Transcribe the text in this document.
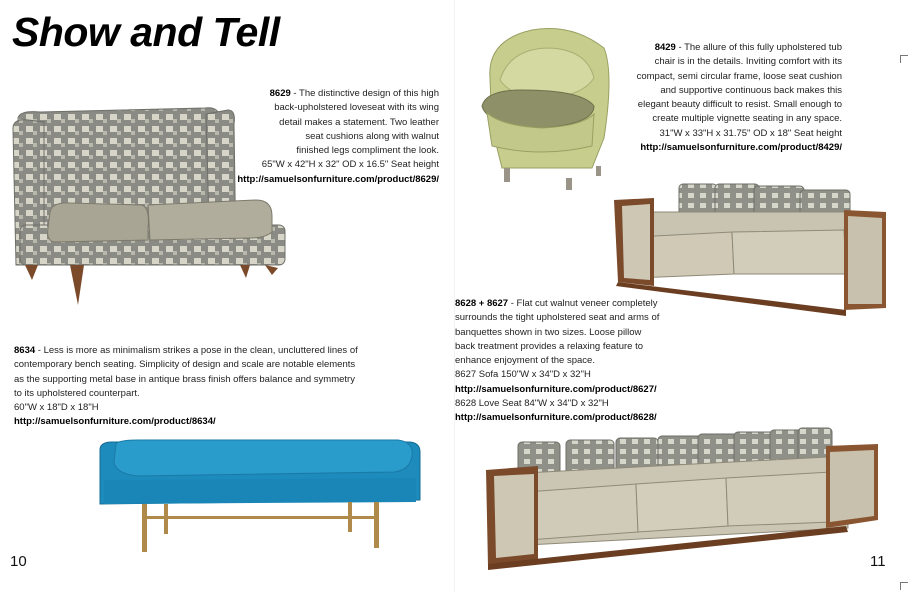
Show and Tell
8629 - The distinctive design of this high
back-upholstered loveseat with its wing
detail makes a statement. Two leather
seat cushions along with walnut
finished legs compliment the look.
65"W x 42"H x 32" OD x 16.5" Seat height
http://samuelsonfurniture.com/product/8629/
8429 - The allure of this fully upholstered tub
chair is in the details. Inviting comfort with its
compact, semi circular frame, loose seat cushion
and supportive continuous back makes this
elegant beauty difficult to resist. Small enough to
create multiple vignette seating in any space.
31"W x 33"H x 31.75" OD x 18" Seat height
http://samuelsonfurniture.com/product/8429/
8628 + 8627 - Flat cut walnut veneer completely
surrounds the tight upholstered seat and arms of
banquettes shown in two sizes. Loose pillow
back treatment provides a relaxing feature to
enhance enjoyment of the space.
8627 Sofa 150"W x 34"D x 32"H
http://samuelsonfurniture.com/product/8627/
8628 Love Seat 84"W x 34"D x 32"H
http://samuelsonfurniture.com/product/8628/
8634 - Less is more as minimalism strikes a pose in the clean, uncluttered lines of
contemporary bench seating. Simplicity of design and scale are notable elements
as the supporting metal base in antique brass finish offers balance and symmetry
to its upholstered counterpart.
60"W x 18"D x 18"H
http://samuelsonfurniture.com/product/8634/
10	11
